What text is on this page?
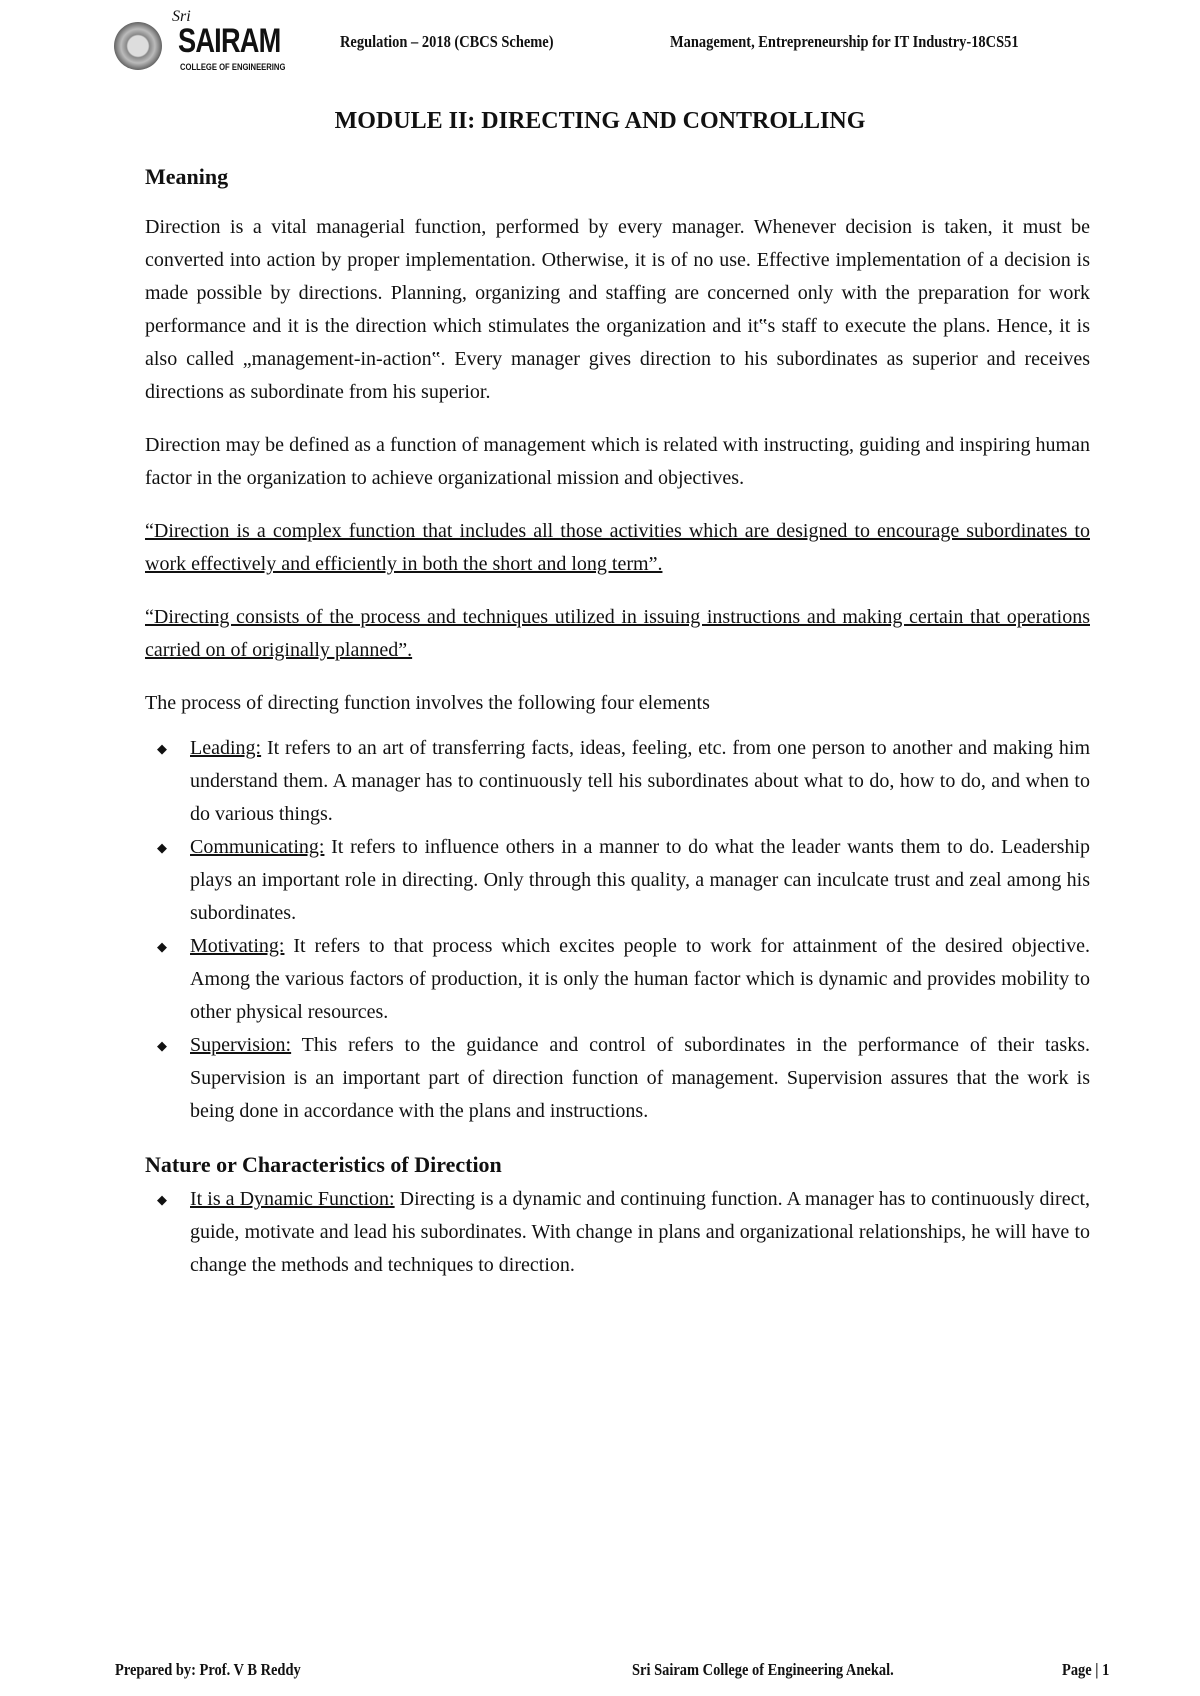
Sri
SAIRAM
COLLEGE OF ENGINEERING
Regulation – 2018 (CBCS Scheme)	Management, Entrepreneurship for IT Industry-18CS51
MODULE II: DIRECTING AND CONTROLLING
Meaning

Direction is a vital managerial function, performed by every manager. Whenever decision is taken, it must be converted into action by proper implementation. Otherwise, it is of no use. Effective implementation of a decision is made possible by directions. Planning, organizing and staffing are concerned only with the preparation for work performance and it is the direction which stimulates the organization and it‟s staff to execute the plans. Hence, it is also called „management-in-action‟. Every manager gives direction to his subordinates as superior and receives directions as subordinate from his superior.

Direction may be defined as a function of management which is related with instructing, guiding and inspiring human factor in the organization to achieve organizational mission and objectives.

“Direction is a complex function that includes all those activities which are designed to encourage subordinates to work effectively and efficiently in both the short and long term”.

“Directing consists of the process and techniques utilized in issuing instructions and making certain that operations carried on of originally planned”.

The process of directing function involves the following four elements

◆ Leading: It refers to an art of transferring facts, ideas, feeling, etc. from one person to another and making him understand them. A manager has to continuously tell his subordinates about what to do, how to do, and when to do various things.
◆ Communicating: It refers to influence others in a manner to do what the leader wants them to do. Leadership plays an important role in directing. Only through this quality, a manager can inculcate trust and zeal among his subordinates.
◆ Motivating: It refers to that process which excites people to work for attainment of the desired objective. Among the various factors of production, it is only the human factor which is dynamic and provides mobility to other physical resources.
◆ Supervision: This refers to the guidance and control of subordinates in the performance of their tasks. Supervision is an important part of direction function of management. Supervision assures that the work is being done in accordance with the plans and instructions.
Nature or Characteristics of Direction
◆ It is a Dynamic Function: Directing is a dynamic and continuing function. A manager has to continuously direct, guide, motivate and lead his subordinates. With change in plans and organizational relationships, he will have to change the methods and techniques to direction.
Prepared by: Prof. V B Reddy	Sri Sairam College of Engineering Anekal.	Page | 1
